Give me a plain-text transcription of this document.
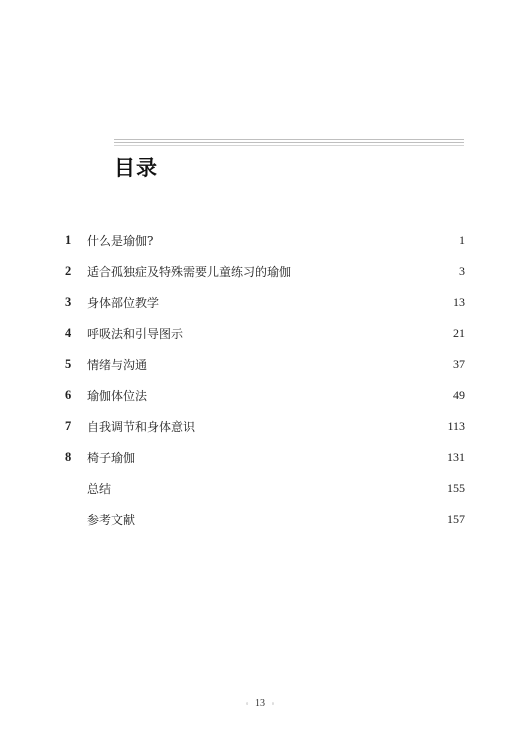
目录
1	什么是瑜伽?	1
2	适合孤独症及特殊需要儿童练习的瑜伽	3
3	身体部位教学	13
4	呼吸法和引导图示	21
5	情绪与沟通	37
6	瑜伽体位法	49
7	自我调节和身体意识	113
8	椅子瑜伽	131
总结	155
参考文献	157
◦ 13 ◦
